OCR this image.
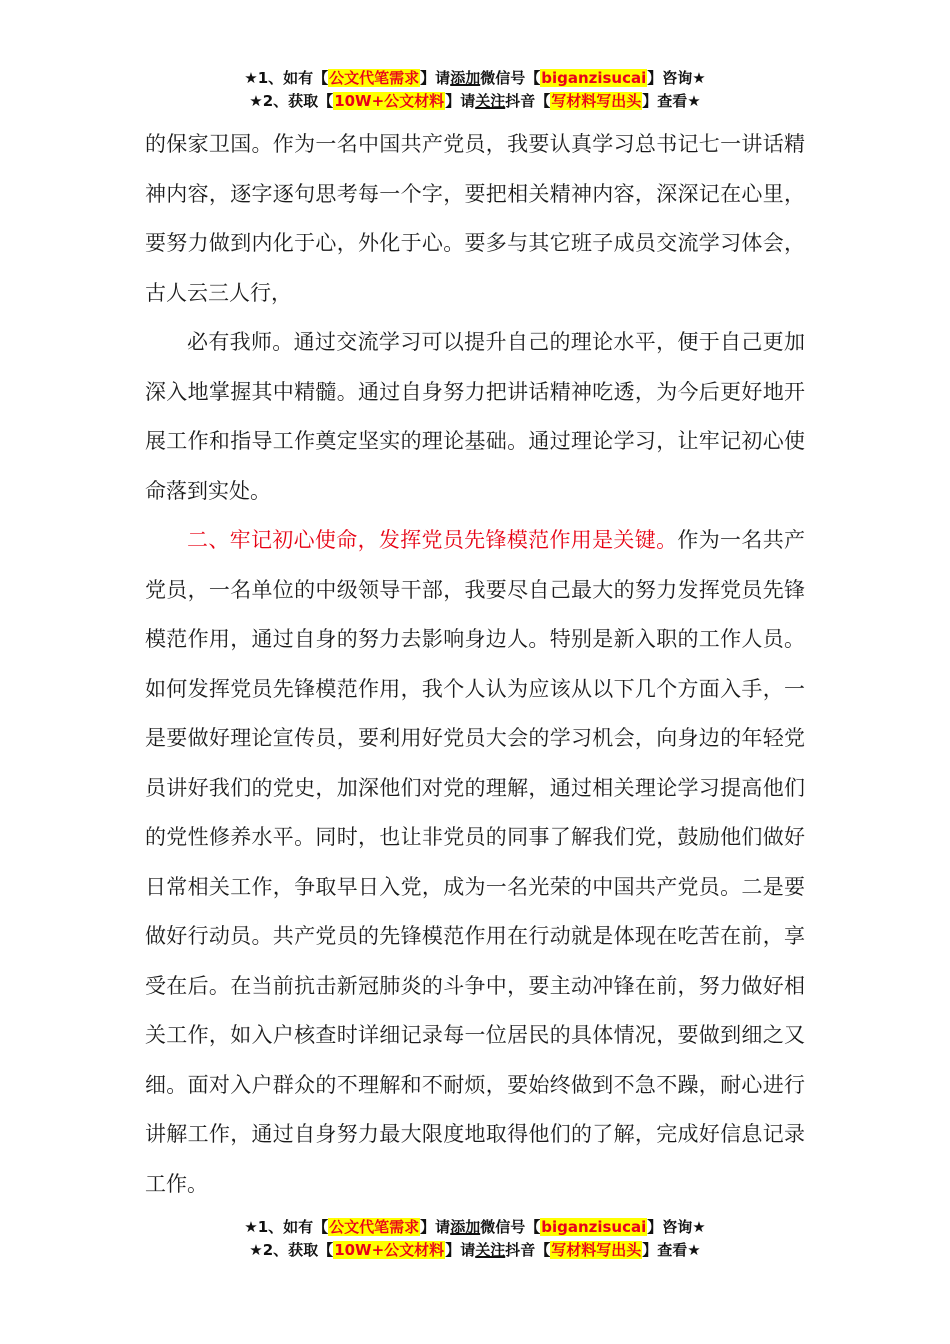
★1、如有【公文代笔需求】请添加微信号【biganzisucai】咨询★
★2、获取【10W+公文材料】请关注抖音【写材料写出头】查看★

的保家卫国。作为一名中国共产党员，我要认真学习总书记七一讲话精神内容，逐字逐句思考每一个字，要把相关精神内容，深深记在心里，要努力做到内化于心，外化于心。要多与其它班子成员交流学习体会，古人云三人行，

必有我师。通过交流学习可以提升自己的理论水平，便于自己更加深入地掌握其中精髓。通过自身努力把讲话精神吃透，为今后更好地开展工作和指导工作奠定坚实的理论基础。通过理论学习，让牢记初心使命落到实处。

二、牢记初心使命，发挥党员先锋模范作用是关键。作为一名共产党员，一名单位的中级领导干部，我要尽自己最大的努力发挥党员先锋模范作用，通过自身的努力去影响身边人。特别是新入职的工作人员。如何发挥党员先锋模范作用，我个人认为应该从以下几个方面入手，一是要做好理论宣传员，要利用好党员大会的学习机会，向身边的年轻党员讲好我们的党史，加深他们对党的理解，通过相关理论学习提高他们的党性修养水平。同时，也让非党员的同事了解我们党，鼓励他们做好日常相关工作，争取早日入党，成为一名光荣的中国共产党员。二是要做好行动员。共产党员的先锋模范作用在行动就是体现在吃苦在前，享受在后。在当前抗击新冠肺炎的斗争中，要主动冲锋在前，努力做好相关工作，如入户核查时详细记录每一位居民的具体情况，要做到细之又细。面对入户群众的不理解和不耐烦，要始终做到不急不躁，耐心进行讲解工作，通过自身努力最大限度地取得他们的了解，完成好信息记录工作。

★1、如有【公文代笔需求】请添加微信号【biganzisucai】咨询★
★2、获取【10W+公文材料】请关注抖音【写材料写出头】查看★
